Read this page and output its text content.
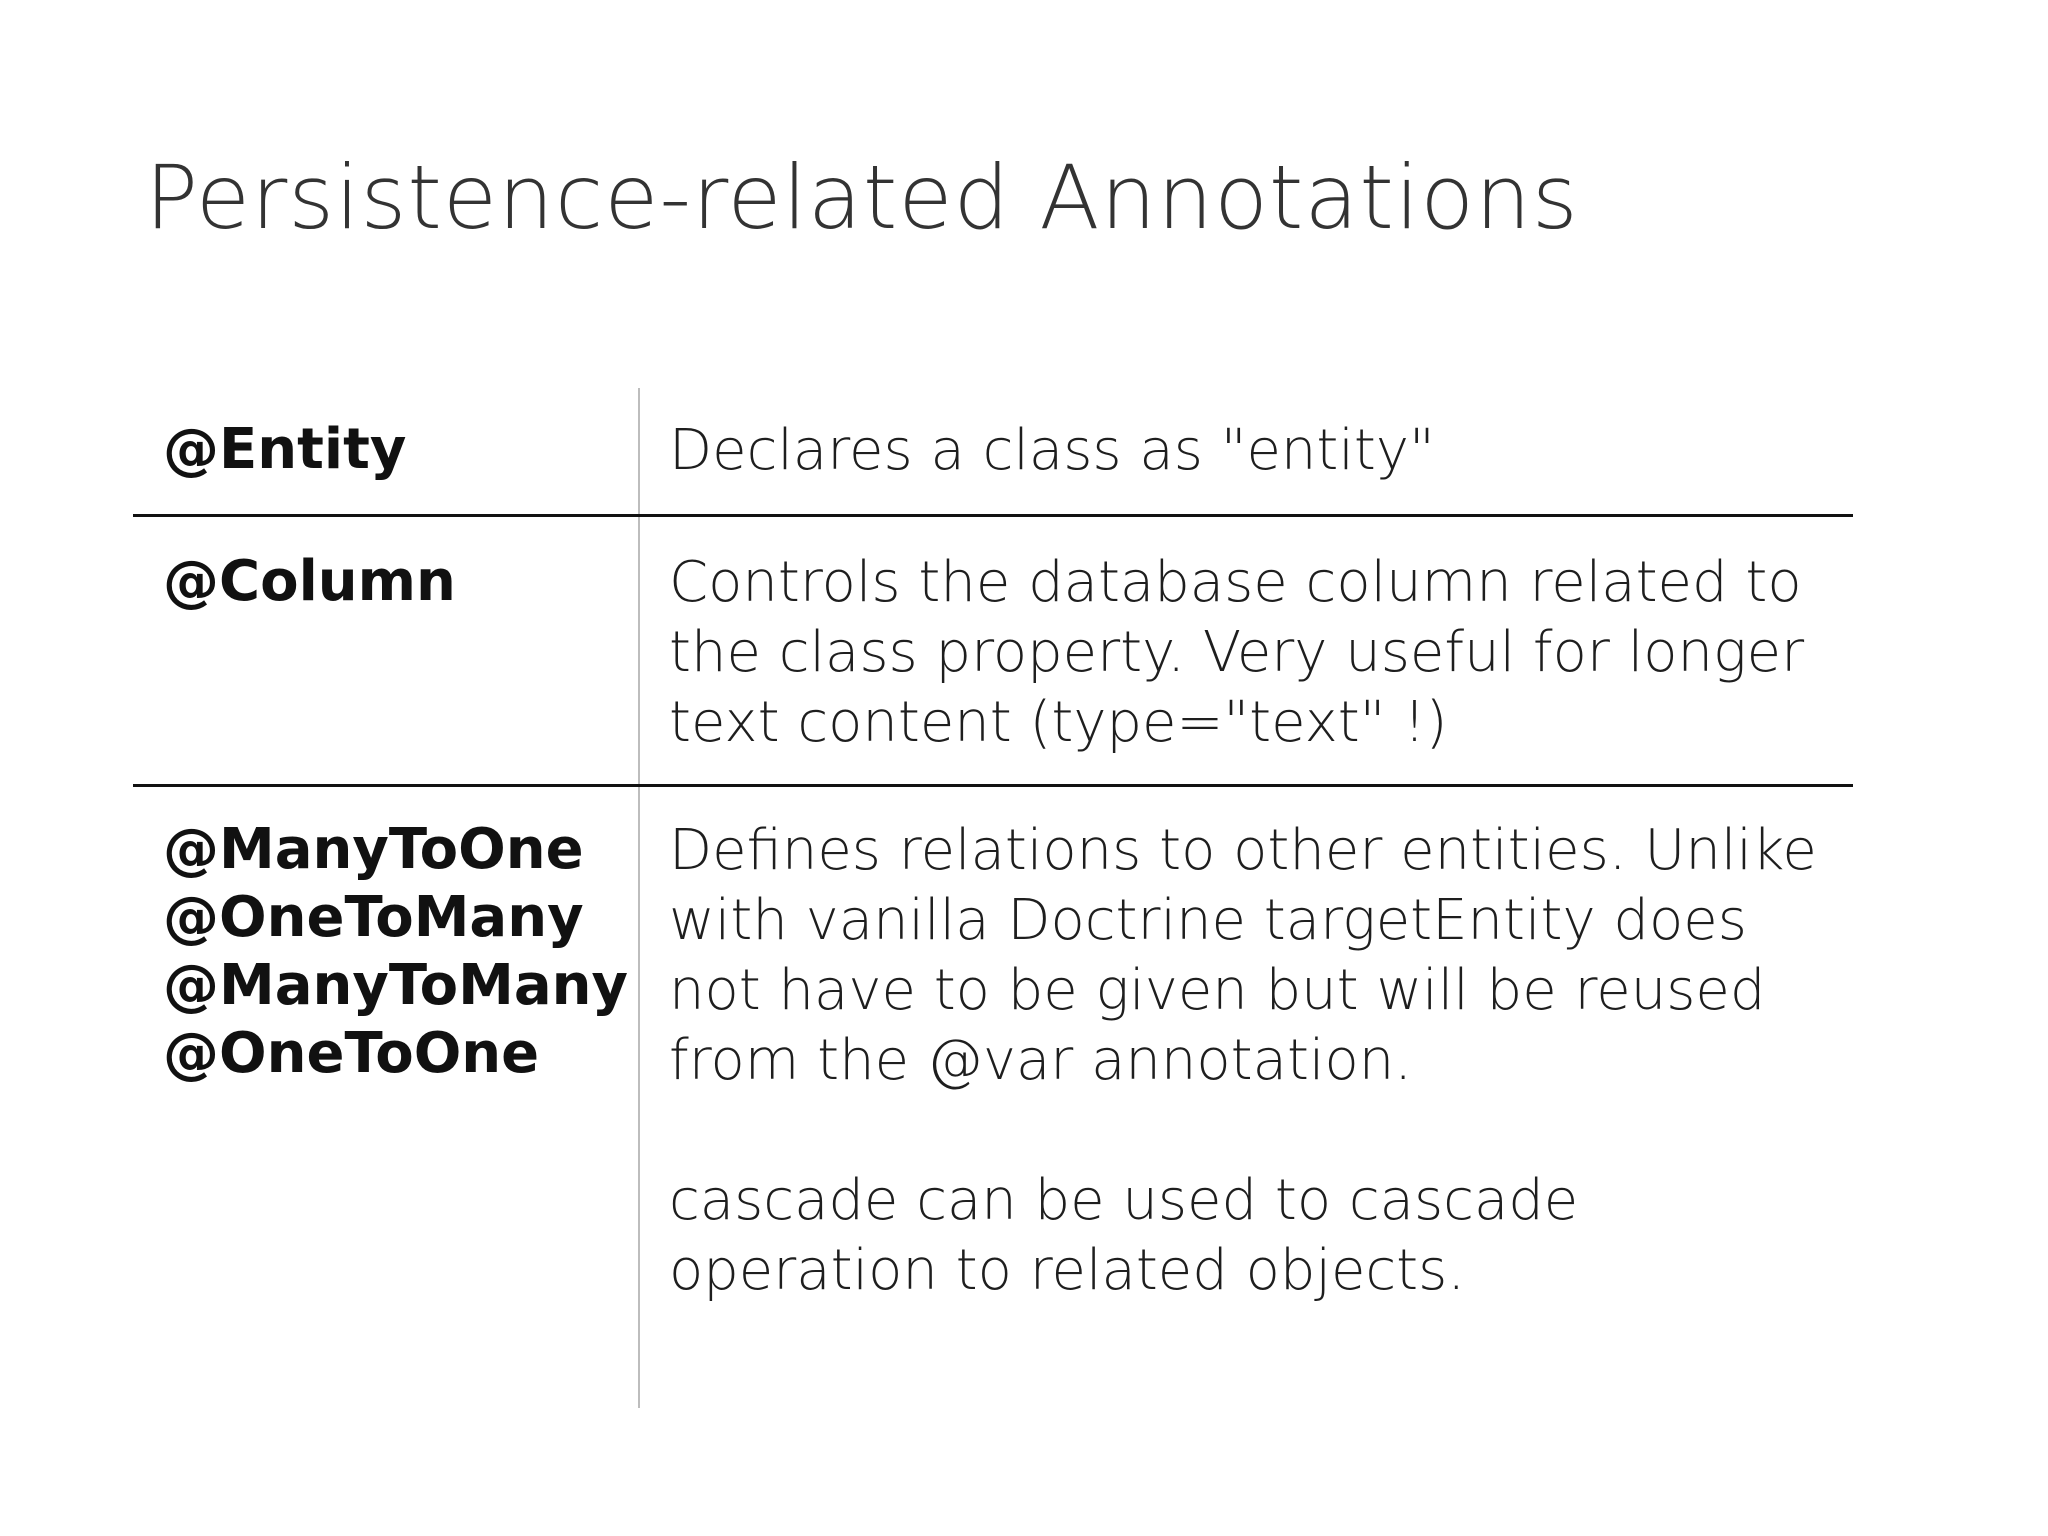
Persistence-related Annotations
@Entity	Declares a class as "entity"

@Column	Controls the database column related to the class property. Very useful for longer text content (type="text" !)

@ManyToOne
@OneToMany
@ManyToMany
@OneToOne

Defines relations to other entities. Unlike with vanilla Doctrine targetEntity does not have to be given but will be reused from the @var annotation.

cascade can be used to cascade operation to related objects.
